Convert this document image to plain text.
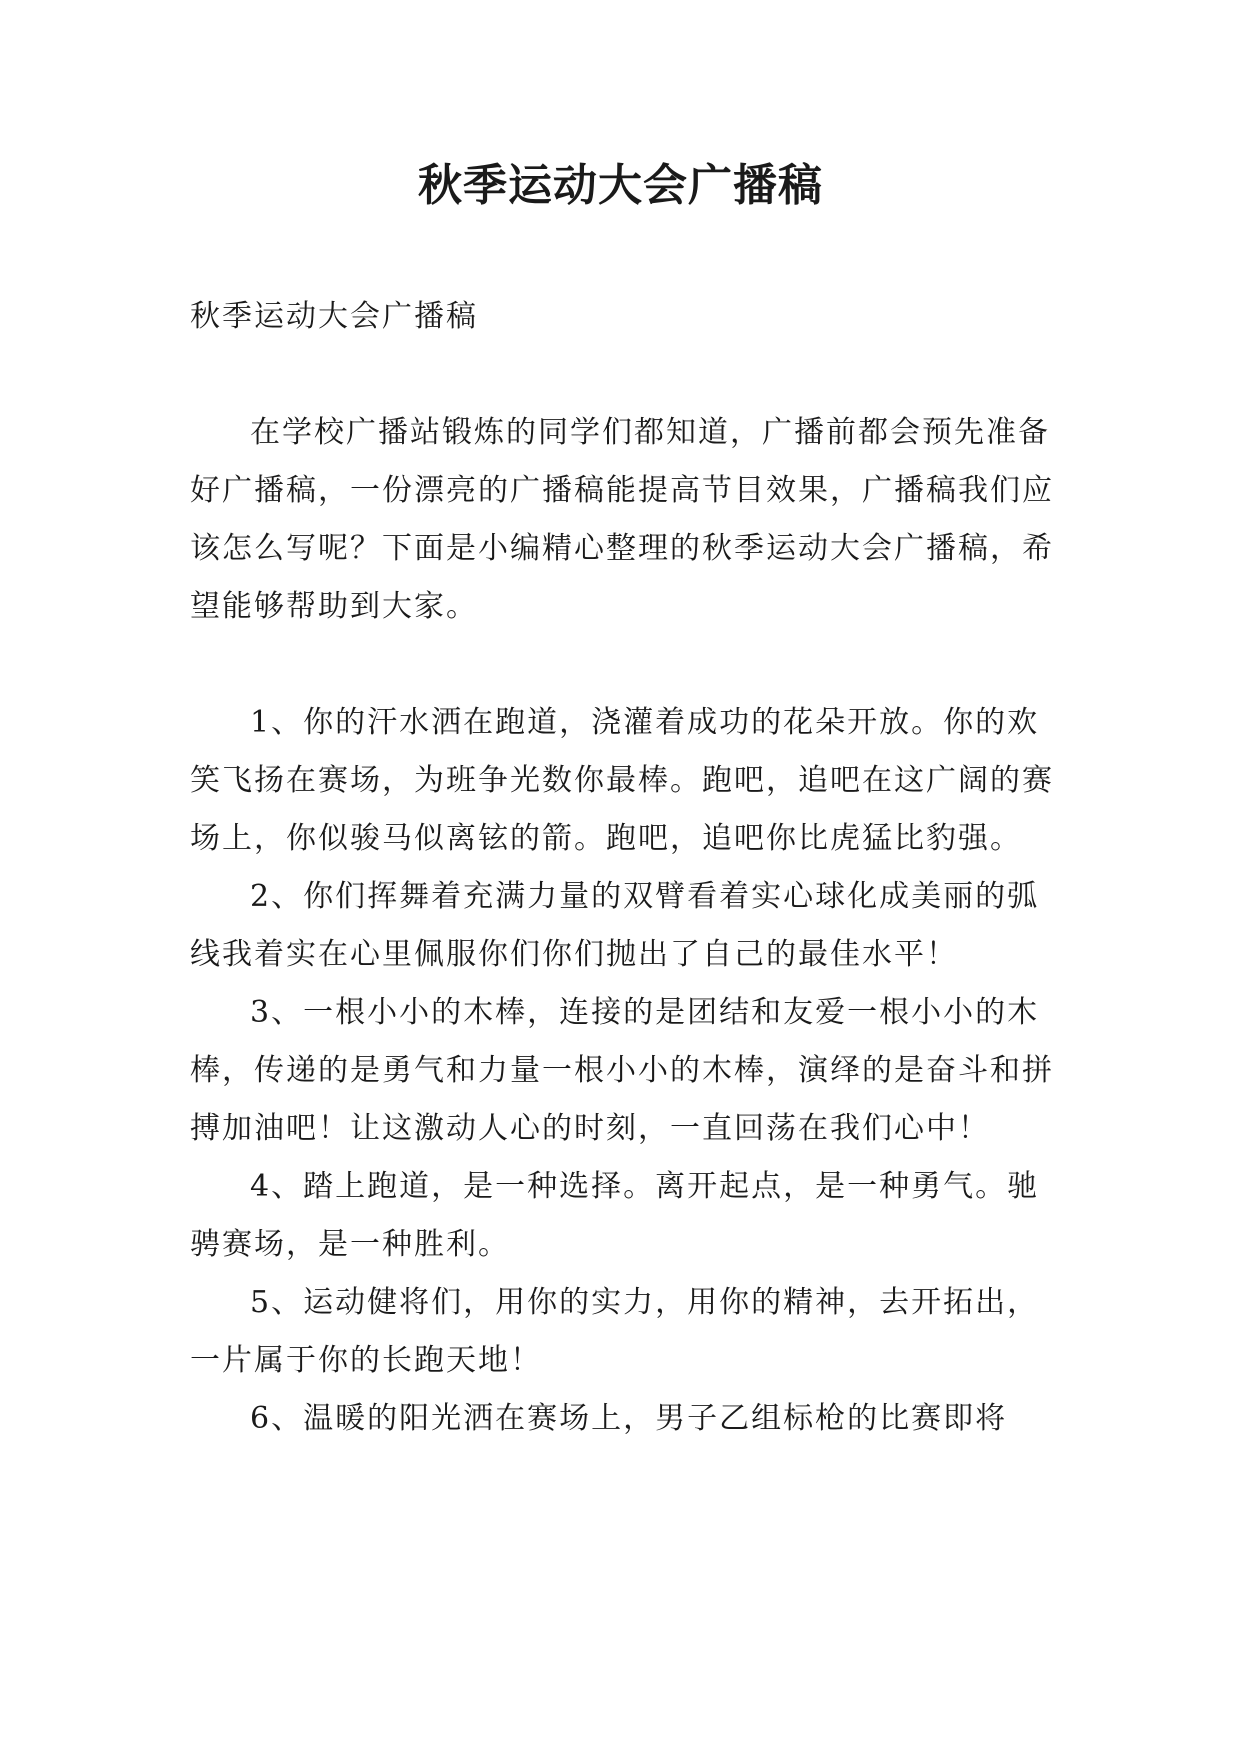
秋季运动大会广播稿

秋季运动大会广播稿

在学校广播站锻炼的同学们都知道，广播前都会预先准备好广播稿，一份漂亮的广播稿能提高节目效果，广播稿我们应该怎么写呢？下面是小编精心整理的秋季运动大会广播稿，希望能够帮助到大家。

1、你的汗水洒在跑道，浇灌着成功的花朵开放。你的欢笑飞扬在赛场，为班争光数你最棒。跑吧，追吧在这广阔的赛场上，你似骏马似离铉的箭。跑吧，追吧你比虎猛比豹强。

2、你们挥舞着充满力量的双臂看着实心球化成美丽的弧线我着实在心里佩服你们你们抛出了自己的最佳水平！

3、一根小小的木棒，连接的是团结和友爱一根小小的木棒，传递的是勇气和力量一根小小的木棒，演绎的是奋斗和拼搏加油吧！让这激动人心的时刻，一直回荡在我们心中！

4、踏上跑道，是一种选择。离开起点，是一种勇气。驰骋赛场，是一种胜利。

5、运动健将们，用你的实力，用你的精神，去开拓出，一片属于你的长跑天地！

6、温暖的阳光洒在赛场上，男子乙组标枪的比赛即将
